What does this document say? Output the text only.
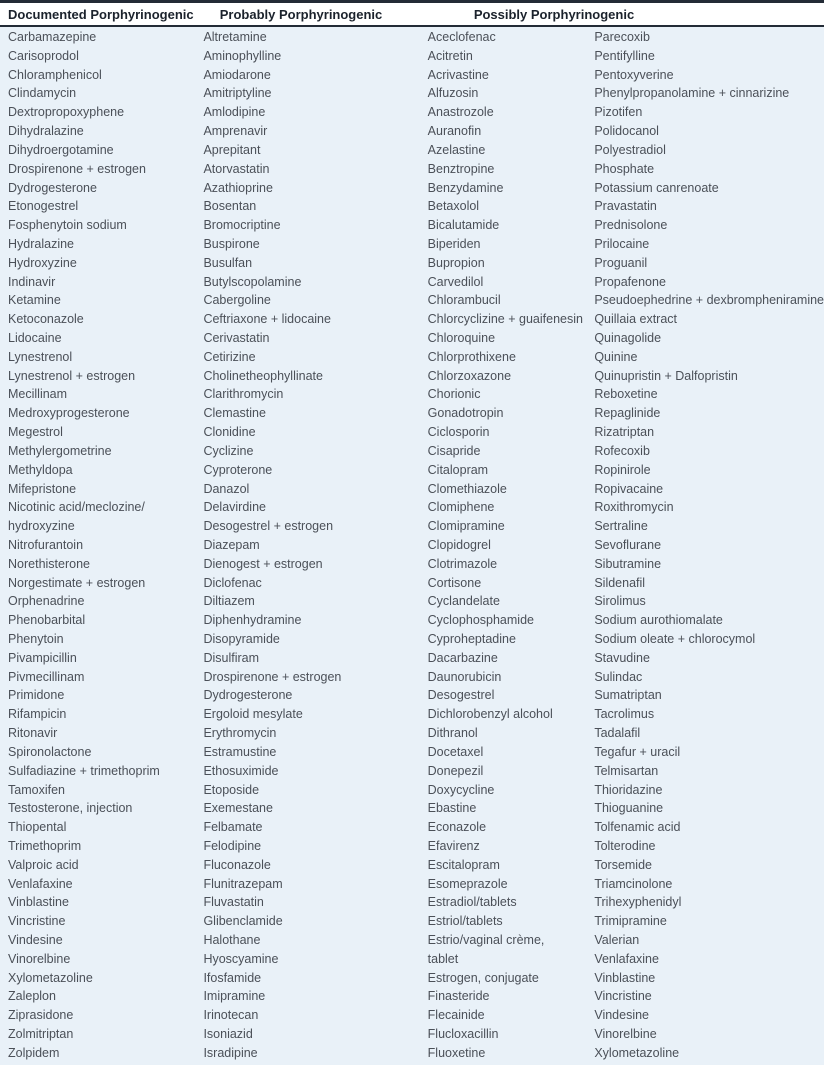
Documented Porphyrinogenic	Probably Porphyrinogenic	Possibly Porphyrinogenic
Carbamazepine
Carisoprodol
Chloramphenicol
Clindamycin
Dextropropoxyphene
Dihydralazine
Dihydroergotamine
Drospirenone + estrogen
Dydrogesterone
Etonogestrel
Fosphenytoin sodium
Hydralazine
Hydroxyzine
Indinavir
Ketamine
Ketoconazole
Lidocaine
Lynestrenol
Lynestrenol + estrogen
Mecillinam
Medroxyprogesterone
Megestrol
Methylergometrine
Methyldopa
Mifepristone
Nicotinic acid/meclozine/
hydroxyzine
Nitrofurantoin
Norethisterone
Norgestimate + estrogen
Orphenadrine
Phenobarbital
Phenytoin
Pivampicillin
Pivmecillinam
Primidone
Rifampicin
Ritonavir
Spironolactone
Sulfadiazine + trimethoprim
Tamoxifen
Testosterone, injection
Thiopental
Trimethoprim
Valproic acid
Venlafaxine
Vinblastine
Vincristine
Vindesine
Vinorelbine
Xylometazoline
Zaleplon
Ziprasidone
Zolmitriptan
Zolpidem
Altretamine
Aminophylline
Amiodarone
Amitriptyline
Amlodipine
Amprenavir
Aprepitant
Atorvastatin
Azathioprine
Bosentan
Bromocriptine
Buspirone
Busulfan
Butylscopolamine
Cabergoline
Ceftriaxone + lidocaine
Cerivastatin
Cetirizine
Cholinetheophyllinate
Clarithromycin
Clemastine
Clonidine
Cyclizine
Cyproterone
Danazol
Delavirdine
Desogestrel + estrogen
Diazepam
Dienogest + estrogen
Diclofenac
Diltiazem
Diphenhydramine
Disopyramide
Disulfiram
Drospirenone + estrogen
Dydrogesterone
Ergoloid mesylate
Erythromycin
Estramustine
Ethosuximide
Etoposide
Exemestane
Felbamate
Felodipine
Fluconazole
Flunitrazepam
Fluvastatin
Glibenclamide
Halothane
Hyoscyamine
Ifosfamide
Imipramine
Irinotecan
Isoniazid
Isradipine
Aceclofenac
Acitretin
Acrivastine
Alfuzosin
Anastrozole
Auranofin
Azelastine
Benztropine
Benzydamine
Betaxolol
Bicalutamide
Biperiden
Bupropion
Carvedilol
Chlorambucil
Chlorcyclizine + guaifenesin
Chloroquine
Chlorprothixene
Chlorzoxazone
Chorionic
Gonadotropin
Ciclosporin
Cisapride
Citalopram
Clomethiazole
Clomiphene
Clomipramine
Clopidogrel
Clotrimazole
Cortisone
Cyclandelate
Cyclophosphamide
Cyproheptadine
Dacarbazine
Daunorubicin
Desogestrel
Dichlorobenzyl alcohol
Dithranol
Docetaxel
Donepezil
Doxycycline
Ebastine
Econazole
Efavirenz
Escitalopram
Esomeprazole
Estradiol/tablets
Estriol/tablets
Estrio/vaginal crème,
tablet
Estrogen, conjugate
Finasteride
Flecainide
Flucloxacillin
Fluoxetine
Parecoxib
Pentifylline
Pentoxyverine
Phenylpropanolamine + cinnarizine
Pizotifen
Polidocanol
Polyestradiol
Phosphate
Potassium canrenoate
Pravastatin
Prednisolone
Prilocaine
Proguanil
Propafenone
Pseudoephedrine + dexbrompheniramine
Quillaia extract
Quinagolide
Quinine
Quinupristin + Dalfopristin
Reboxetine
Repaglinide
Rizatriptan
Rofecoxib
Ropinirole
Ropivacaine
Roxithromycin
Sertraline
Sevoflurane
Sibutramine
Sildenafil
Sirolimus
Sodium aurothiomalate
Sodium oleate + chlorocymol
Stavudine
Sulindac
Sumatriptan
Tacrolimus
Tadalafil
Tegafur + uracil
Telmisartan
Thioridazine
Thioguanine
Tolfenamic acid
Tolterodine
Torsemide
Triamcinolone
Trihexyphenidyl
Trimipramine
Valerian
Venlafaxine
Vinblastine
Vincristine
Vindesine
Vinorelbine
Xylometazoline
